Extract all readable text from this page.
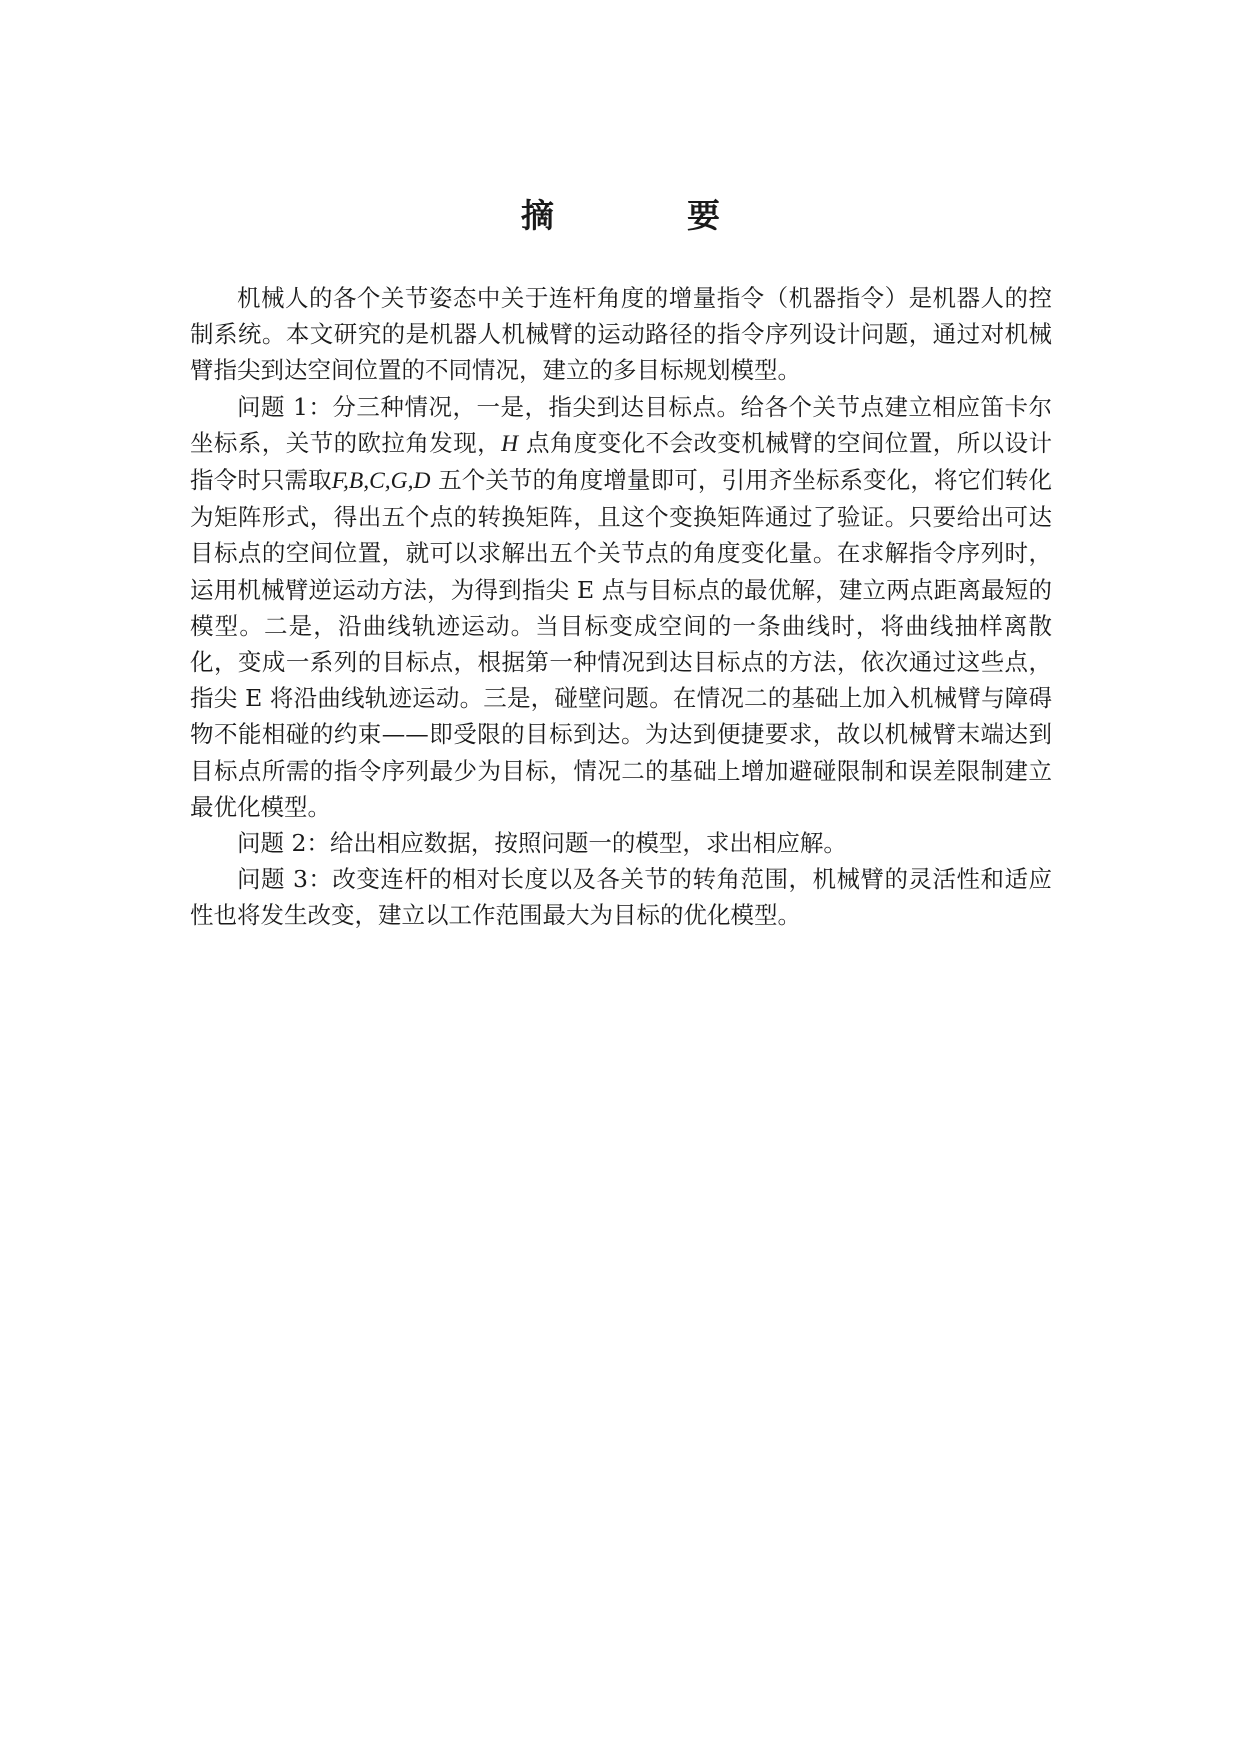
摘　要

机械人的各个关节姿态中关于连杆角度的增量指令（机器指令）是机器人的控制系统。本文研究的是机器人机械臂的运动路径的指令序列设计问题，通过对机械臂指尖到达空间位置的不同情况，建立的多目标规划模型。

问题 1：分三种情况，一是，指尖到达目标点。给各个关节点建立相应笛卡尔坐标系，关节的欧拉角发现，H 点角度变化不会改变机械臂的空间位置，所以设计指令时只需取F,B,C,G,D 五个关节的角度增量即可，引用齐坐标系变化，将它们转化为矩阵形式，得出五个点的转换矩阵，且这个变换矩阵通过了验证。只要给出可达目标点的空间位置，就可以求解出五个关节点的角度变化量。在求解指令序列时，运用机械臂逆运动方法，为得到指尖 E 点与目标点的最优解，建立两点距离最短的模型。二是，沿曲线轨迹运动。当目标变成空间的一条曲线时，将曲线抽样离散化，变成一系列的目标点，根据第一种情况到达目标点的方法，依次通过这些点，指尖 E 将沿曲线轨迹运动。三是，碰壁问题。在情况二的基础上加入机械臂与障碍物不能相碰的约束——即受限的目标到达。为达到便捷要求，故以机械臂末端达到目标点所需的指令序列最少为目标，情况二的基础上增加避碰限制和误差限制建立最优化模型。

问题 2：给出相应数据，按照问题一的模型，求出相应解。

问题 3：改变连杆的相对长度以及各关节的转角范围，机械臂的灵活性和适应性也将发生改变，建立以工作范围最大为目标的优化模型。
